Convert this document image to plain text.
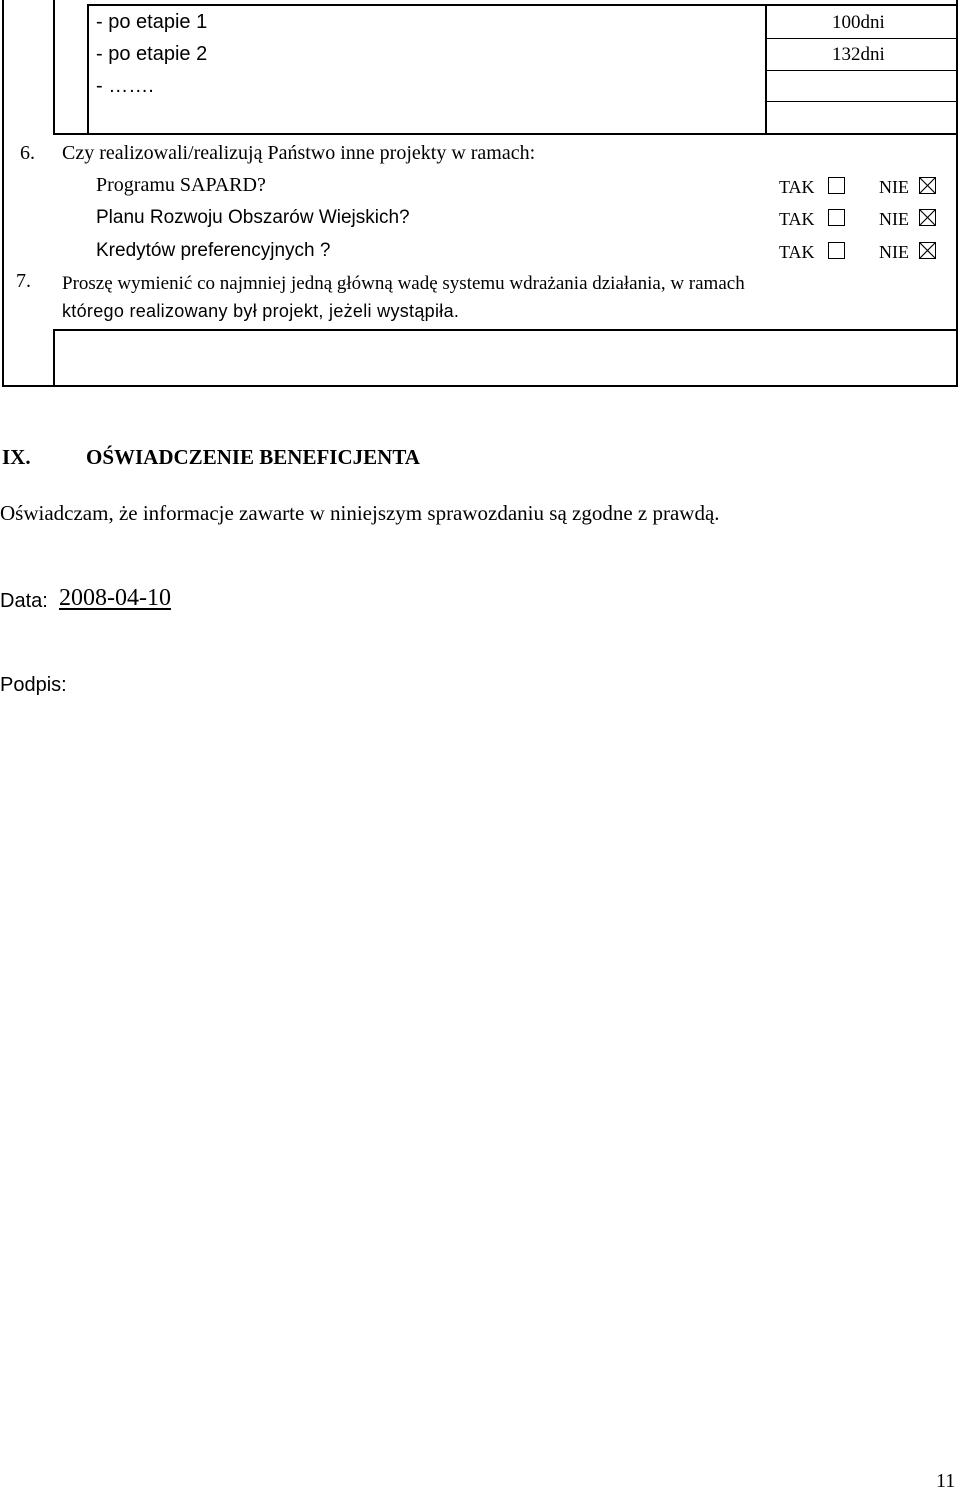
- po etapie 1	100dni
- po etapie 2	132dni
- …….
6. Czy realizowali/realizują Państwo inne projekty w ramach:
Programu SAPARD?	TAK	NIE
Planu Rozwoju Obszarów Wiejskich?	TAK	NIE
Kredytów preferencyjnych ?	TAK	NIE
7. Proszę wymienić co najmniej jedną główną wadę systemu wdrażania działania, w ramach
którego realizowany był projekt, jeżeli wystąpiła.
IX.	OŚWIADCZENIE BENEFICJENTA
Oświadczam, że informacje zawarte w niniejszym sprawozdaniu są zgodne z prawdą.
Data: 2008-04-10
Podpis:
11
